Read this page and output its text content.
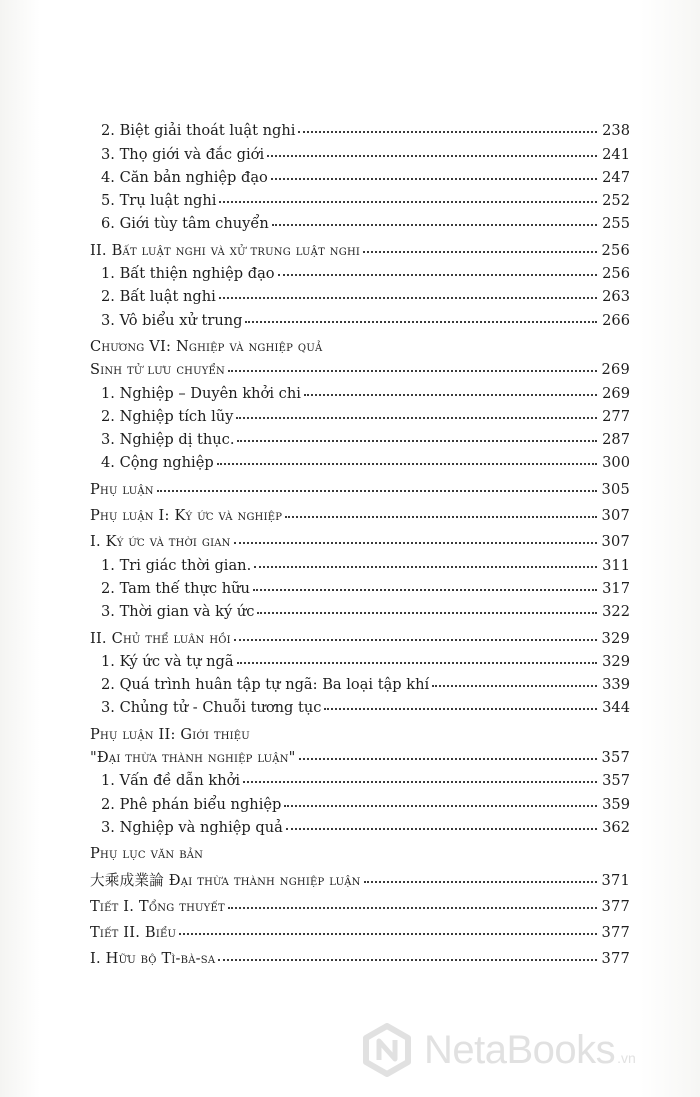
2. Biệt giải thoát luật nghi	238
3. Thọ giới và đắc giới	241
4. Căn bản nghiệp đạo	247
5. Trụ luật nghi	252
6. Giới tùy tâm chuyển	255
II. Bất luật nghi và xử trung luật nghi	256
1. Bất thiện nghiệp đạo	256
2. Bất luật nghi	263
3. Vô biểu xử trung	266
Chương VI: Nghiệp và nghiệp quả
Sinh tử lưu chuyển	269
1. Nghiệp – Duyên khởi chi	269
2. Nghiệp tích lũy	277
3. Nghiệp dị thục.	287
4. Cộng nghiệp	300
Phụ luận	305
Phụ luận I: Ký ức và nghiệp	307
I. Ký ức và thời gian	307
1. Tri giác thời gian.	311
2. Tam thế thực hữu	317
3. Thời gian và ký ức	322
II. Chủ thể luân hồi	329
1. Ký ức và tự ngã	329
2. Quá trình huân tập tự ngã: Ba loại tập khí	339
3. Chủng tử - Chuỗi tương tục	344
Phụ luận II: Giới thiệu
"Đại thừa thành nghiệp luận"	357
1. Vấn đề dẫn khởi	357
2. Phê phán biểu nghiệp	359
3. Nghiệp và nghiệp quả	362
Phụ lục văn bản
大乘成業論 Đại thừa thành nghiệp luận	371
Tiết I. Tổng thuyết	377
Tiết II. Biểu	377
I. Hữu bộ Tì-bà-sa	377
NetaBooks .vn
